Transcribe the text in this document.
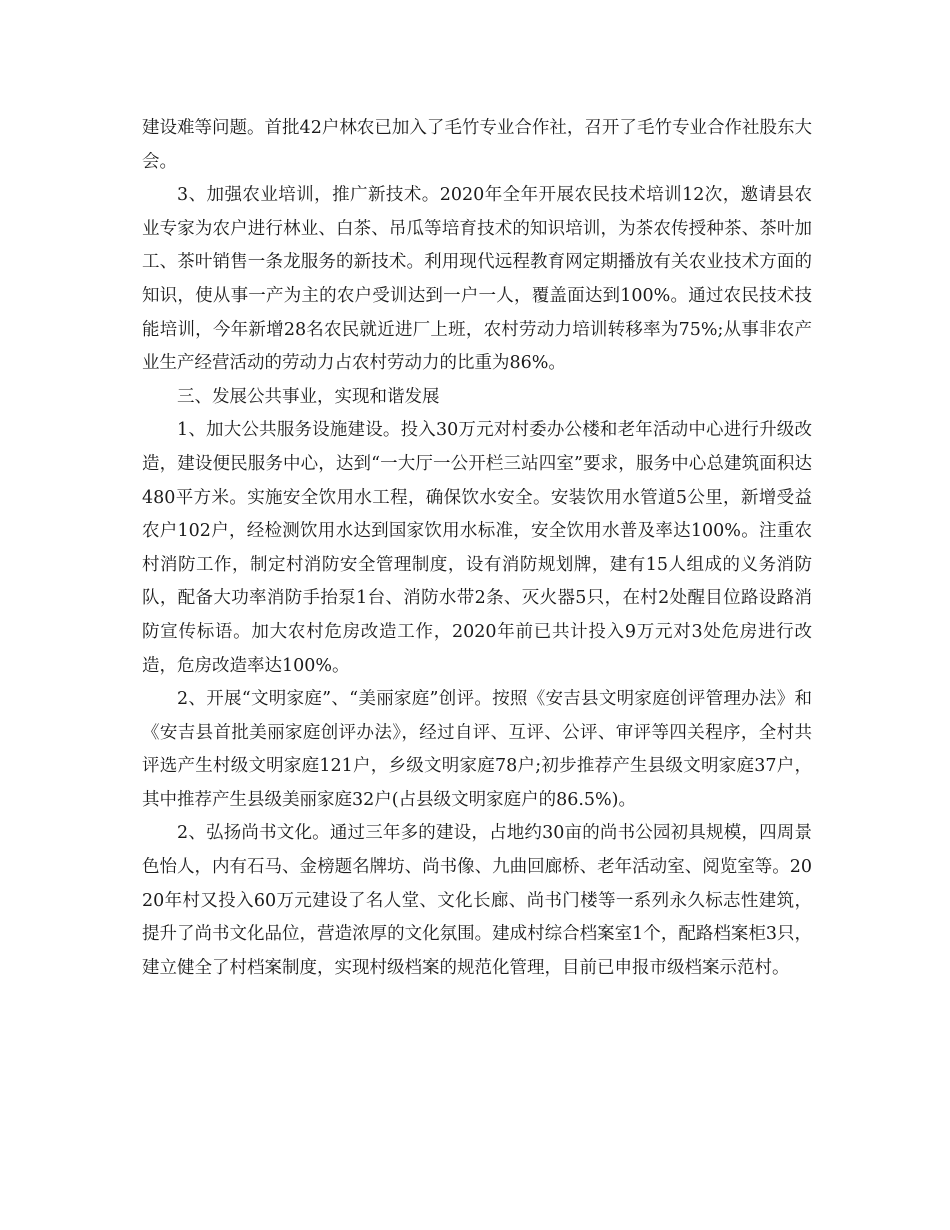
建设难等问题。首批42户林农已加入了毛竹专业合作社，召开了毛竹专业合作社股东大会。

3、加强农业培训，推广新技术。2020年全年开展农民技术培训12次，邀请县农业专家为农户进行林业、白茶、吊瓜等培育技术的知识培训，为茶农传授种茶、茶叶加工、茶叶销售一条龙服务的新技术。利用现代远程教育网定期播放有关农业技术方面的知识，使从事一产为主的农户受训达到一户一人，覆盖面达到100%。通过农民技术技能培训，今年新增28名农民就近进厂上班，农村劳动力培训转移率为75%;从事非农产业生产经营活动的劳动力占农村劳动力的比重为86%。

三、发展公共事业，实现和谐发展

1、加大公共服务设施建设。投入30万元对村委办公楼和老年活动中心进行升级改造，建设便民服务中心，达到“一大厅一公开栏三站四室”要求，服务中心总建筑面积达480平方米。实施安全饮用水工程，确保饮水安全。安装饮用水管道5公里，新增受益农户102户，经检测饮用水达到国家饮用水标准，安全饮用水普及率达100%。注重农村消防工作，制定村消防安全管理制度，设有消防规划牌，建有15人组成的义务消防队，配备大功率消防手抬泵1台、消防水带2条、灭火器5只，在村2处醒目位路设路消防宣传标语。加大农村危房改造工作，2020年前已共计投入9万元对3处危房进行改造，危房改造率达100%。

2、开展“文明家庭”、“美丽家庭”创评。按照《安吉县文明家庭创评管理办法》和《安吉县首批美丽家庭创评办法》，经过自评、互评、公评、审评等四关程序，全村共评选产生村级文明家庭121户，乡级文明家庭78户;初步推荐产生县级文明家庭37户，其中推荐产生县级美丽家庭32户(占县级文明家庭户的86.5%)。

2、弘扬尚书文化。通过三年多的建设，占地约30亩的尚书公园初具规模，四周景色怡人，内有石马、金榜题名牌坊、尚书像、九曲回廊桥、老年活动室、阅览室等。2020年村又投入60万元建设了名人堂、文化长廊、尚书门楼等一系列永久标志性建筑，提升了尚书文化品位，营造浓厚的文化氛围。建成村综合档案室1个，配路档案柜3只，建立健全了村档案制度，实现村级档案的规范化管理，目前已申报市级档案示范村。
